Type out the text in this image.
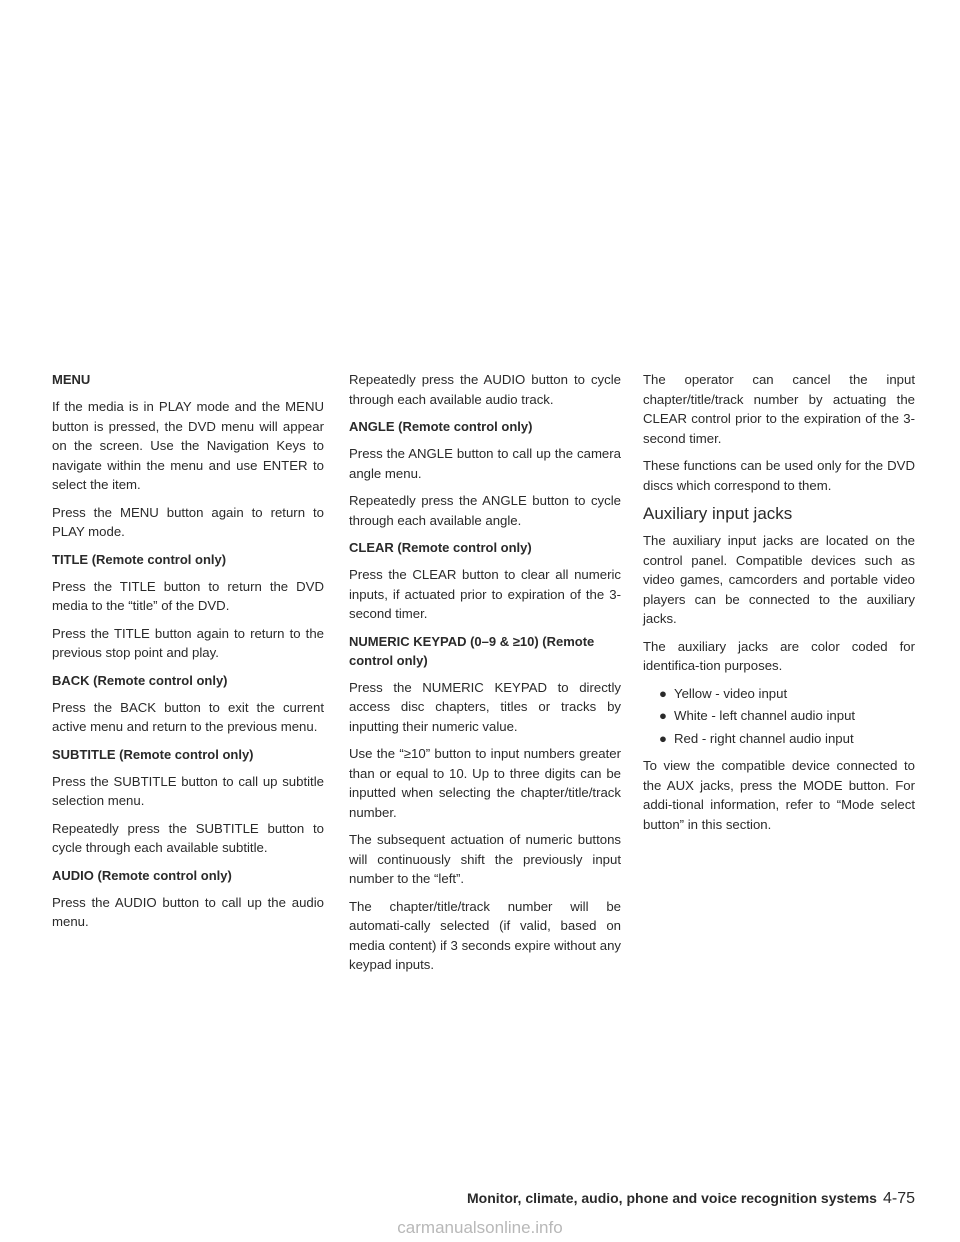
MENU

If the media is in PLAY mode and the MENU button is pressed, the DVD menu will appear on the screen. Use the Navigation Keys to navigate within the menu and use ENTER to select the item.

Press the MENU button again to return to PLAY mode.

TITLE (Remote control only)

Press the TITLE button to return the DVD media to the “title” of the DVD.

Press the TITLE button again to return to the previous stop point and play.

BACK (Remote control only)

Press the BACK button to exit the current active menu and return to the previous menu.

SUBTITLE (Remote control only)

Press the SUBTITLE button to call up subtitle selection menu.

Repeatedly press the SUBTITLE button to cycle through each available subtitle.

AUDIO (Remote control only)

Press the AUDIO button to call up the audio menu.

Repeatedly press the AUDIO button to cycle through each available audio track.

ANGLE (Remote control only)

Press the ANGLE button to call up the camera angle menu.

Repeatedly press the ANGLE button to cycle through each available angle.

CLEAR (Remote control only)

Press the CLEAR button to clear all numeric inputs, if actuated prior to expiration of the 3-second timer.

NUMERIC KEYPAD (0–9 & ≥10) (Remote control only)

Press the NUMERIC KEYPAD to directly access disc chapters, titles or tracks by inputting their numeric value.

Use the “≥10” button to input numbers greater than or equal to 10. Up to three digits can be inputted when selecting the chapter/title/track number.

The subsequent actuation of numeric buttons will continuously shift the previously input number to the “left”.

The chapter/title/track number will be automati-cally selected (if valid, based on media content) if 3 seconds expire without any keypad inputs.

The operator can cancel the input chapter/title/track number by actuating the CLEAR control prior to the expiration of the 3-second timer.

These functions can be used only for the DVD discs which correspond to them.

Auxiliary input jacks

The auxiliary input jacks are located on the control panel. Compatible devices such as video games, camcorders and portable video players can be connected to the auxiliary jacks.

The auxiliary jacks are color coded for identifica-tion purposes.

● Yellow - video input
● White - left channel audio input
● Red - right channel audio input

To view the compatible device connected to the AUX jacks, press the MODE button. For addi-tional information, refer to “Mode select button” in this section.

Monitor, climate, audio, phone and voice recognition systems 4-75
carmanualsonline.info
